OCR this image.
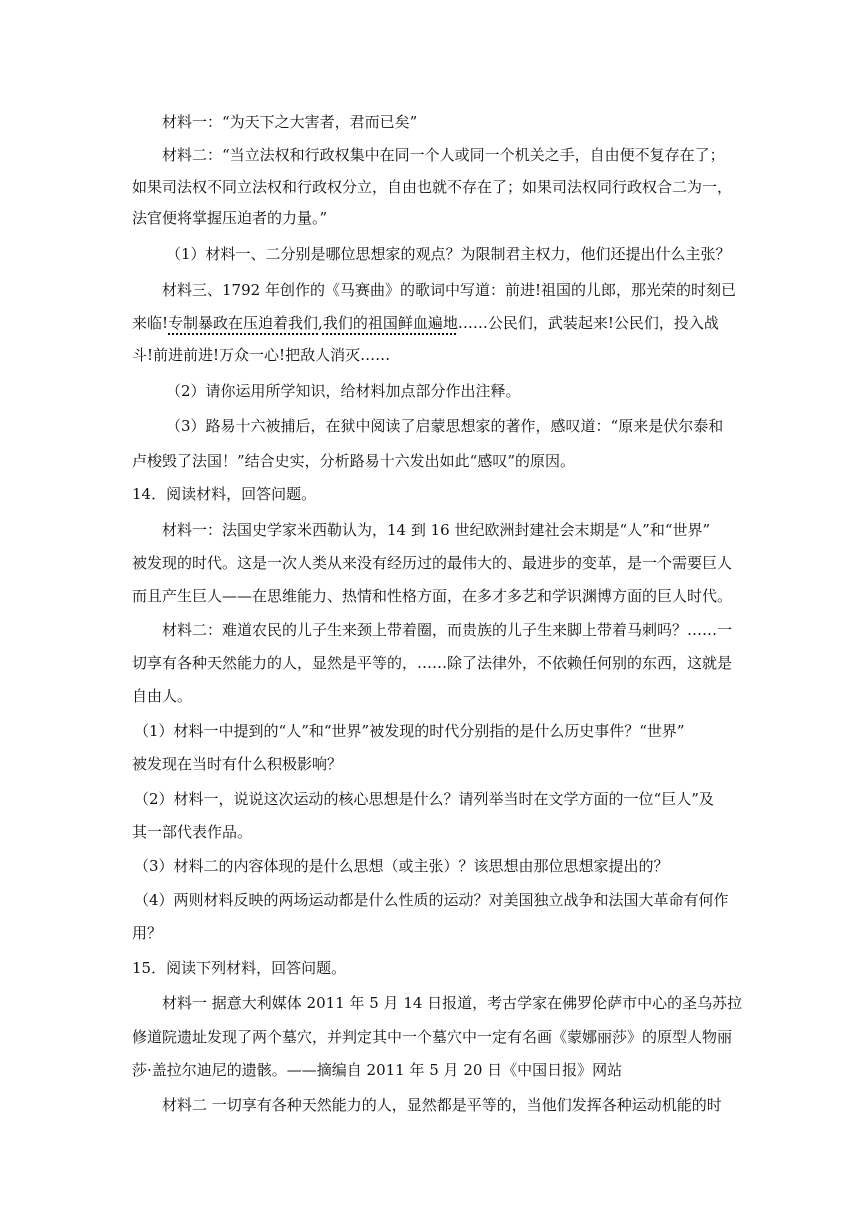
材料一：“为天下之大害者，君而已矣”
材料二：“当立法权和行政权集中在同一个人或同一个机关之手，自由便不复存在了；
如果司法权不同立法权和行政权分立，自由也就不存在了；如果司法权同行政权合二为一，
法官便将掌握压迫者的力量。”
（1）材料一、二分别是哪位思想家的观点？为限制君主权力，他们还提出什么主张？
材料三、1792 年创作的《马赛曲》的歌词中写道：前进!祖国的儿郎，那光荣的时刻已
来临!专制暴政在压迫着我们,我们的祖国鲜血遍地……公民们，武装起来!公民们，投入战
斗!前进前进!万众一心!把敌人消灭……
（2）请你运用所学知识，给材料加点部分作出注释。
（3）路易十六被捕后，在狱中阅读了启蒙思想家的著作，感叹道：“原来是伏尔泰和
卢梭毁了法国！”结合史实，分析路易十六发出如此“感叹”的原因。
14．阅读材料，回答问题。
材料一：法国史学家米西勒认为，14 到 16 世纪欧洲封建社会末期是“人”和“世界”
被发现的时代。这是一次人类从来没有经历过的最伟大的、最进步的变革，是一个需要巨人
而且产生巨人——在思维能力、热情和性格方面，在多才多艺和学识渊博方面的巨人时代。
材料二：难道农民的儿子生来颈上带着圈，而贵族的儿子生来脚上带着马刺吗？……一
切享有各种天然能力的人，显然是平等的，……除了法律外，不依赖任何别的东西，这就是
自由人。
（1）材料一中提到的“人”和“世界”被发现的时代分别指的是什么历史事件？“世界”
被发现在当时有什么积极影响？
（2）材料一，说说这次运动的核心思想是什么？请列举当时在文学方面的一位“巨人”及
其一部代表作品。
（3）材料二的内容体现的是什么思想（或主张）？该思想由那位思想家提出的？
（4）两则材料反映的两场运动都是什么性质的运动？对美国独立战争和法国大革命有何作
用？
15．阅读下列材料，回答问题。
材料一 据意大利媒体 2011 年 5 月 14 日报道，考古学家在佛罗伦萨市中心的圣乌苏拉
修道院遗址发现了两个墓穴，并判定其中一个墓穴中一定有名画《蒙娜丽莎》的原型人物丽
莎·盖拉尔迪尼的遗骸。——摘编自 2011 年 5 月 20 日《中国日报》网站
材料二 一切享有各种天然能力的人，显然都是平等的，当他们发挥各种运动机能的时
